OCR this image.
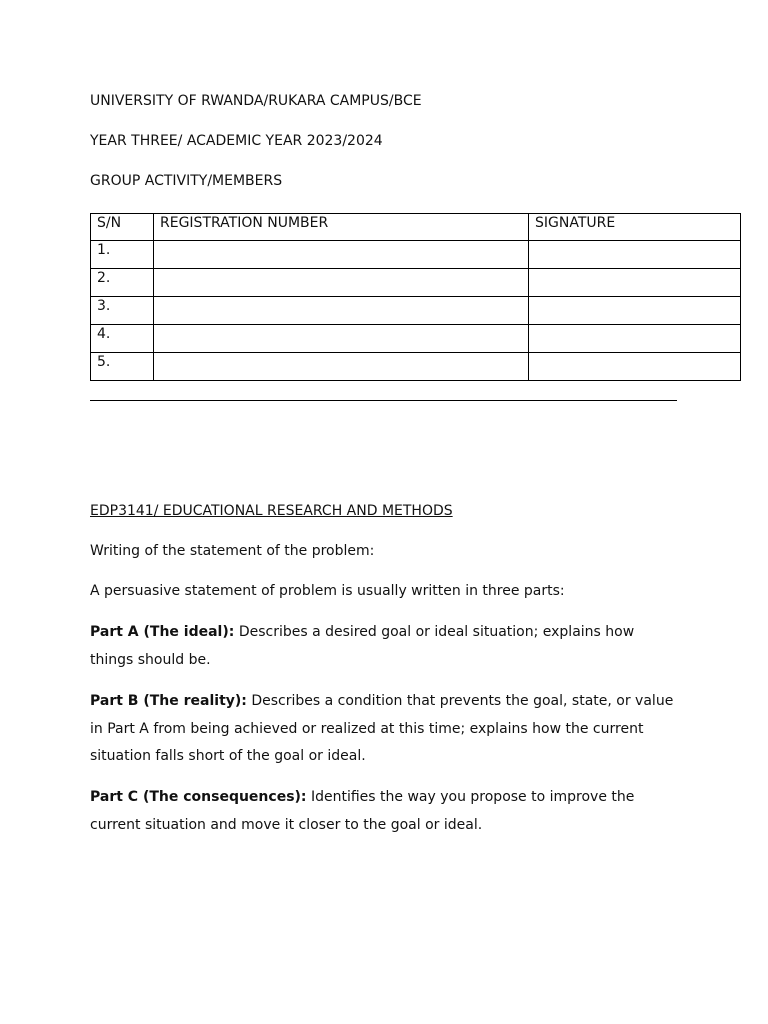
UNIVERSITY OF RWANDA/RUKARA CAMPUS/BCE
YEAR THREE/ ACADEMIC YEAR 2023/2024
GROUP ACTIVITY/MEMBERS
S/N	REGISTRATION NUMBER	SIGNATURE
1.		
2.		
3.		
4.		
5.		
EDP3141/ EDUCATIONAL RESEARCH AND METHODS
Writing of the statement of the problem:
A persuasive statement of problem is usually written in three parts:
Part A (The ideal): Describes a desired goal or ideal situation; explains how things should be.
Part B (The reality): Describes a condition that prevents the goal, state, or value in Part A from being achieved or realized at this time; explains how the current situation falls short of the goal or ideal.
Part C (The consequences): Identifies the way you propose to improve the current situation and move it closer to the goal or ideal.
